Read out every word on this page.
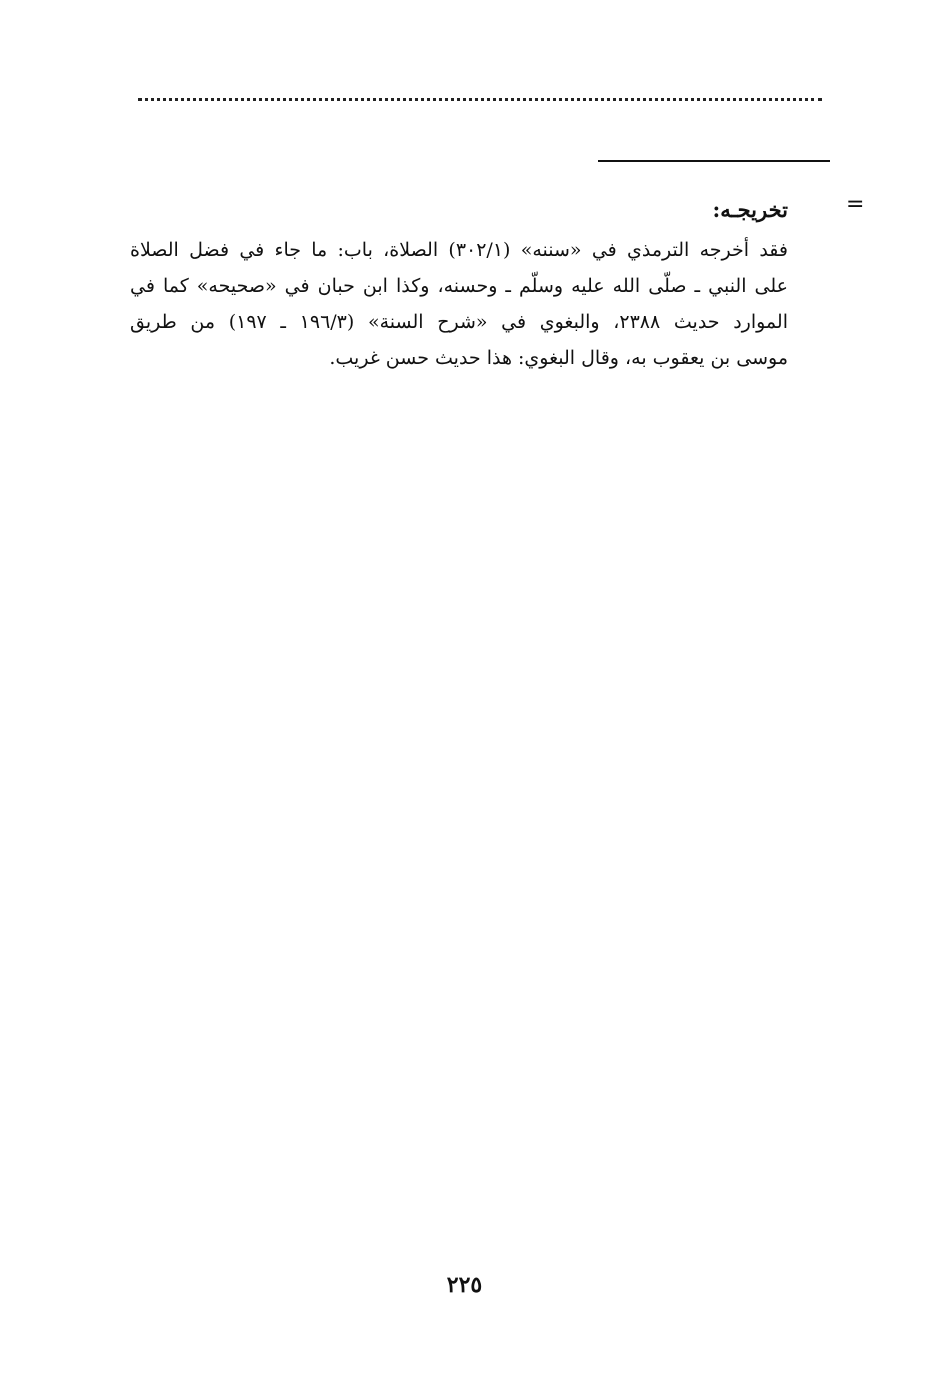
=

تخريجـه:

فقد أخرجه الترمذي في «سننه» (٣٠٢/١) الصلاة، باب: ما جاء في فضل الصلاة

على النبي ـ صلّى الله عليه وسلّم ـ وحسنه، وكذا ابن حبان في «صحيحه» كما في

الموارد حديث ٢٣٨٨، والبغوي في «شرح السنة» (١٩٦/٣ ـ ١٩٧) من طريق

موسى بن يعقوب به، وقال البغوي: هذا حديث حسن غريب.

٢٢٥
